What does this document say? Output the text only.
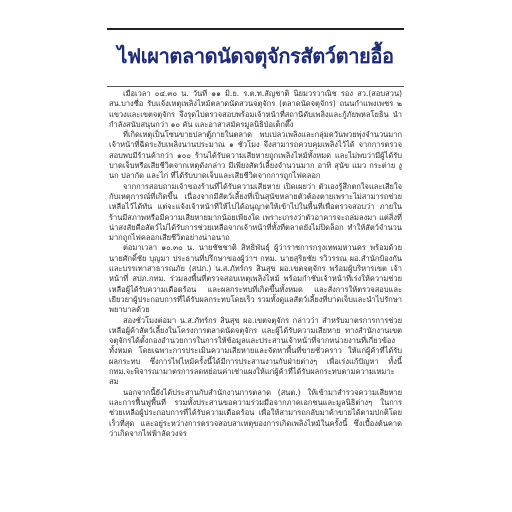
ไฟเผาตลาดนัดจตุจักรสัตว์ตายอื้อ

เมื่อเวลา ๐๔.๓๐ น. วันที่ ๑๑ มิ.ย. ร.ต.ท.สัญชาติ นิยมวรวาณิช รอง สว.(สอบสวน) สน.บางซื่อ รับแจ้งเหตุเพลิงไหม้ตลาดนัดสวนจตุจักร (ตลาดนัดจตุจักร) ถนนกำแพงเพชร ๒ แขวงและเขตจตุจักร จึงรุดไปตรวจสอบพร้อมเจ้าหน้าที่สถานีดับเพลิงและกู้ภัยพหลโยธิน นำกำลังสนับสนุนกว่า ๑๐ คัน และอาสาสมัครมูลนิธิป่อเต็กตึ๊ง

ที่เกิดเหตุเป็นโซนขายปลาตู้ภายในตลาด พบเปลวเพลิงและกลุ่มควันพวยพุ่งจำนวนมาก เจ้าหน้าที่ฉีดระงับเพลิงนานประมาณ ๑ ชั่วโมง จึงสามารถควบคุมเพลิงไว้ได้ จากการตรวจสอบพบมีร้านค้ากว่า ๑๐๐ ร้านได้รับความเสียหายถูกเพลิงไหม้ทั้งหมด และไม่พบว่ามีผู้ได้รับบาดเจ็บหรือเสียชีวิตจากเหตุดังกล่าว มีเพียงสัตว์เลี้ยงจำนวนมาก อาทิ สุนัข แมว กระต่าย งู นก ปลากัด และไก่ ที่ได้รับบาดเจ็บและเสียชีวิตจากการถูกไฟคลอก

จากการสอบถามเจ้าของร้านที่ได้รับความเสียหาย เปิดเผยว่า ตัวเองรู้สึกตกใจและเสียใจกับเหตุการณ์ที่เกิดขึ้น เนื่องจากมีสัตว์เลี้ยงที่เป็นสุนัขหลายตัวต้องตายเพราะไม่สามารถช่วยเหลือไว้ได้ทัน แต่จะแจ้งเจ้าหน้าที่ให้ไปได้อนุญาตให้เข้าไปในพื้นที่เพื่อตรวจสอบว่า ภายในร้านมีสภาพหรือมีความเสียหายมากน้อยเพียงใด เพราะเกรงว่าตัวอาคารจะถล่มลงมา แต่สิ่งที่น่าสงสัยคือสัตว์ไม่ได้รับการช่วยเหลือจากเจ้าหน้าที่ทั้งที่ตลาดยังไม่ปิดล็อก ทำให้สัตว์จำนวนมากถูกไฟคลอกเสียชีวิตอย่างน่าอนาถ

ต่อมาเวลา ๑๐.๓๐ น. นายชัชชาติ สิทธิพันธุ์ ผู้ว่าราชการกรุงเทพมหานคร พร้อมด้วย นายศักดิ์ชัย บุญมา ประธานที่ปรึกษาของผู้ว่าฯ กทม. นายสุริยชัย รวิวรรณ ผอ.สำนักป้องกันและบรรเทาสาธารณภัย (สปภ.) น.ส.ภัทร์กร สินสุข ผอ.เขตจตุจักร พร้อมผู้บริหารเขต เจ้าหน้าที่ สปภ.กทม. ร่วมลงพื้นที่ตรวจสอบเหตุเพลิงไหม้ พร้อมกำชับเจ้าหน้าที่เร่งให้ความช่วยเหลือผู้ได้รับความเดือดร้อน และผลกระทบที่เกิดขึ้นทั้งหมด และสั่งการให้ตรวจสอบและเยียวยาผู้ประกอบการที่ได้รับผลกระทบโดยเร็ว รวมทั้งดูแลสัตว์เลี้ยงที่บาดเจ็บและนำไปรักษาพยาบาลด้วย

สองชั่วโมงต่อมา น.ส.ภัทร์กร สินสุข ผอ.เขตจตุจักร กล่าวว่า สำหรับมาตรการการช่วยเหลือผู้ค้าสัตว์เลี้ยงในโครงการตลาดนัดจตุจักร และผู้ได้รับความเสียหาย ทางสำนักงานเขตจตุจักรได้ตั้งกองอำนวยการในการให้ข้อมูลและประสานเจ้าหน้าที่จากหน่วยงานที่เกี่ยวข้องทั้งหมด โดยเฉพาะการประเมินความเสียหายและจัดหาพื้นที่ขายชั่วคราว ให้แก่ผู้ค้าที่ได้รับผลกระทบ ซึ่งการไฟไหม้ครั้งนี้ได้มีการประสานงานกับฝ่ายต่างๆ เพื่อเร่งแก้ปัญหา ทั้งนี้ กทม.จะพิจารณามาตรการลดหย่อนค่าเช่าแผงให้แก่ผู้ค้าที่ได้รับผลกระทบตามความเหมาะสม

นอกจากนี้ยังได้ประสานกับสำนักงานการตลาด (สนต.) ให้เข้ามาสำรวจความเสียหาย และการฟื้นฟูพื้นที่ รวมทั้งประสานขอความร่วมมือจากภาคเอกชนและมูลนิธิต่างๆ ในการช่วยเหลือผู้ประกอบการที่ได้รับความเดือดร้อน เพื่อให้สามารถกลับมาค้าขายได้ตามปกติโดยเร็วที่สุด และอยู่ระหว่างการตรวจสอบสาเหตุของการเกิดเพลิงไหม้ในครั้งนี้ ซึ่งเบื้องต้นคาดว่าเกิดจากไฟฟ้าลัดวงจร
